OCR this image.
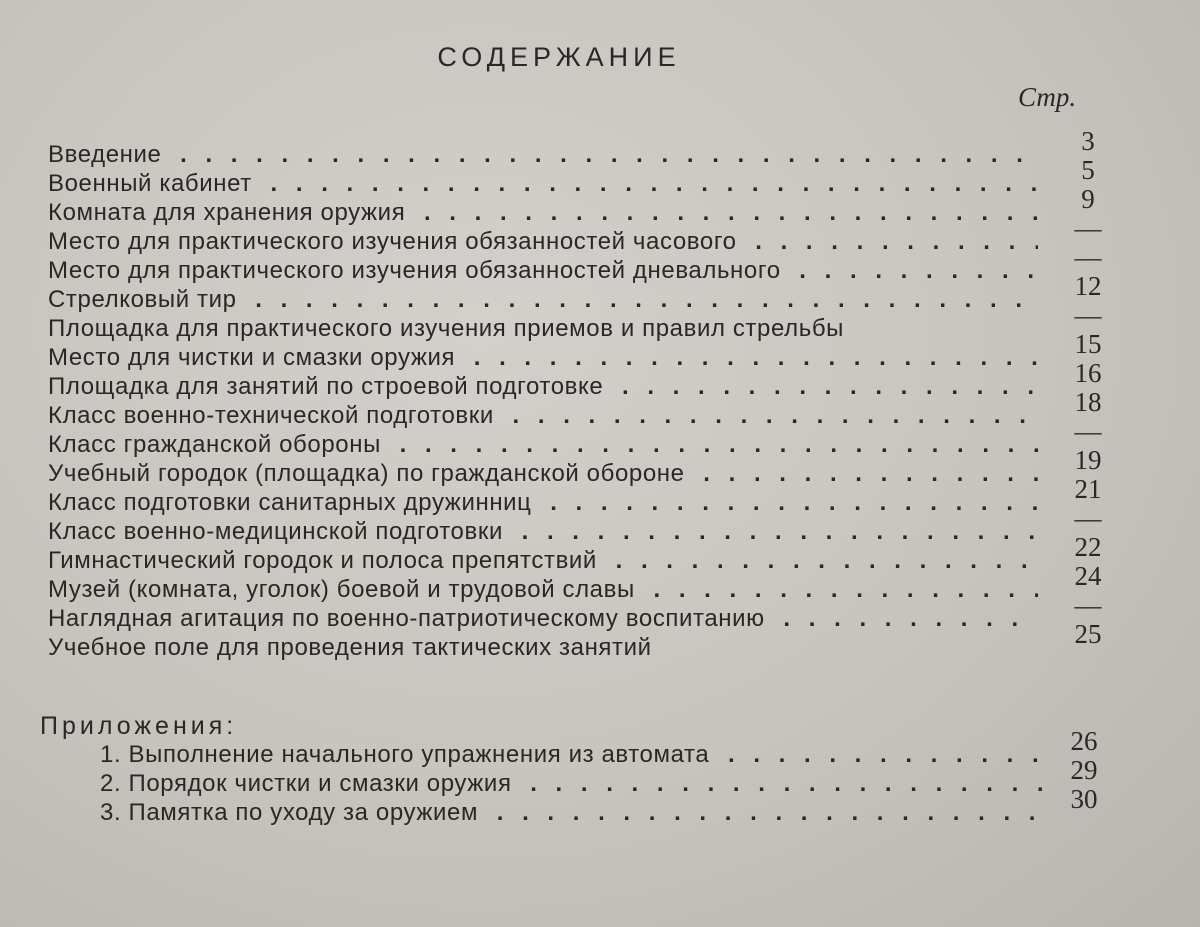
СОДЕРЖАНИЕ
Стр.
Введение . . .	3
Военный кабинет . . .	5
Комната для хранения оружия . . .	9
Место для практического изучения обязанностей часового . . .	—
Место для практического изучения обязанностей дневального . . .	—
Стрелковый тир . . .	12
Площадка для практического изучения приемов и правил стрельбы	—
Место для чистки и смазки оружия . . .	15
Площадка для занятий по строевой подготовке . . .	16
Класс военно-технической подготовки . . .	18
Класс гражданской обороны . . .	—
Учебный городок (площадка) по гражданской обороне . . .	19
Класс подготовки санитарных дружинниц . . .	21
Класс военно-медицинской подготовки . . .	—
Гимнастический городок и полоса препятствий . . .	22
Музей (комната, уголок) боевой и трудовой славы . . .	24
Наглядная агитация по военно-патриотическому воспитанию . . .	—
Учебное поле для проведения тактических занятий	25
Приложения:
1. Выполнение начального упражнения из автомата . . .	26
2. Порядок чистки и смазки оружия . . .	29
3. Памятка по уходу за оружием . . .	30
